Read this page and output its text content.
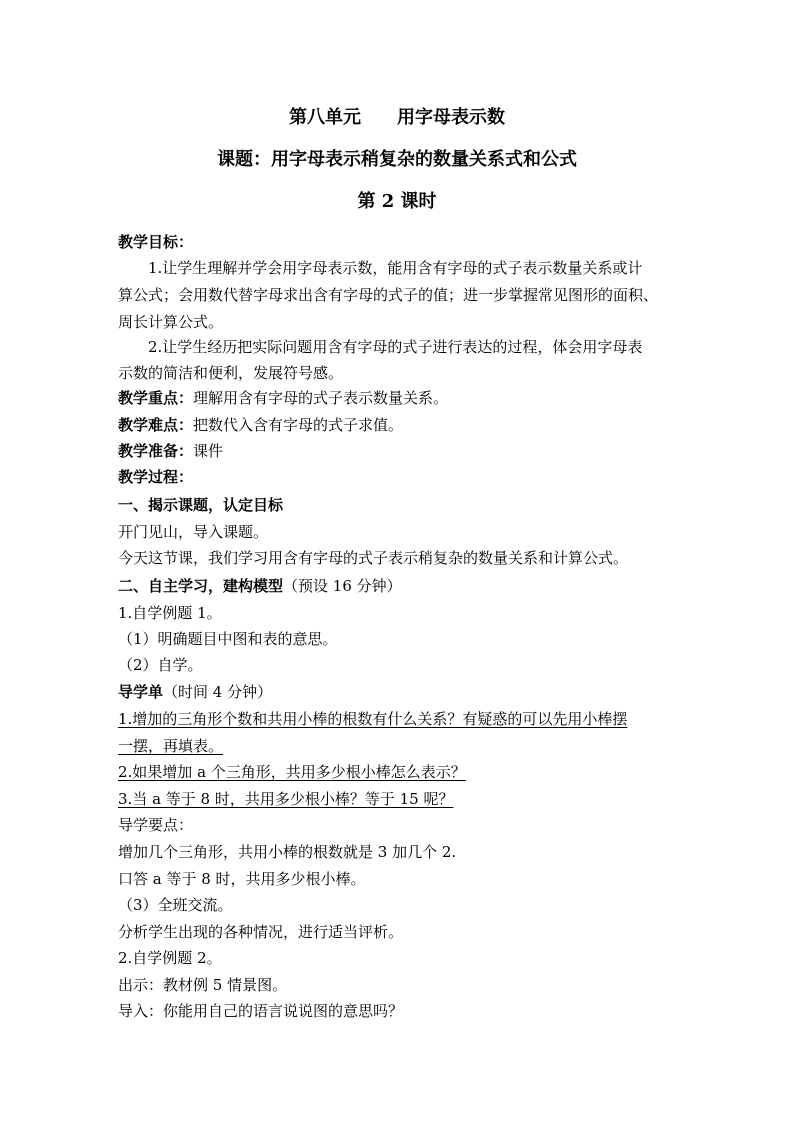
第八单元　　用字母表示数
课题：用字母表示稍复杂的数量关系式和公式
第 2 课时
教学目标：
1.让学生理解并学会用字母表示数，能用含有字母的式子表示数量关系或计
算公式；会用数代替字母求出含有字母的式子的值；进一步掌握常见图形的面积、
周长计算公式。
2.让学生经历把实际问题用含有字母的式子进行表达的过程，体会用字母表
示数的简洁和便利，发展符号感。
教学重点：理解用含有字母的式子表示数量关系。
教学难点：把数代入含有字母的式子求值。
教学准备：课件
教学过程：
一、揭示课题，认定目标
开门见山，导入课题。
今天这节课，我们学习用含有字母的式子表示稍复杂的数量关系和计算公式。
二、自主学习，建构模型（预设 16 分钟）
1.自学例题 1。
（1）明确题目中图和表的意思。
（2）自学。
导学单（时间 4 分钟）
1.增加的三角形个数和共用小棒的根数有什么关系？有疑惑的可以先用小棒摆
一摆，再填表。
2.如果增加 a 个三角形，共用多少根小棒怎么表示？
3.当 a 等于 8 时，共用多少根小棒？等于 15 呢？
导学要点：
增加几个三角形，共用小棒的根数就是 3 加几个 2.
口答 a 等于 8 时，共用多少根小棒。
（3）全班交流。
分析学生出现的各种情况，进行适当评析。
2.自学例题 2。
出示：教材例 5 情景图。
导入：你能用自己的语言说说图的意思吗？
